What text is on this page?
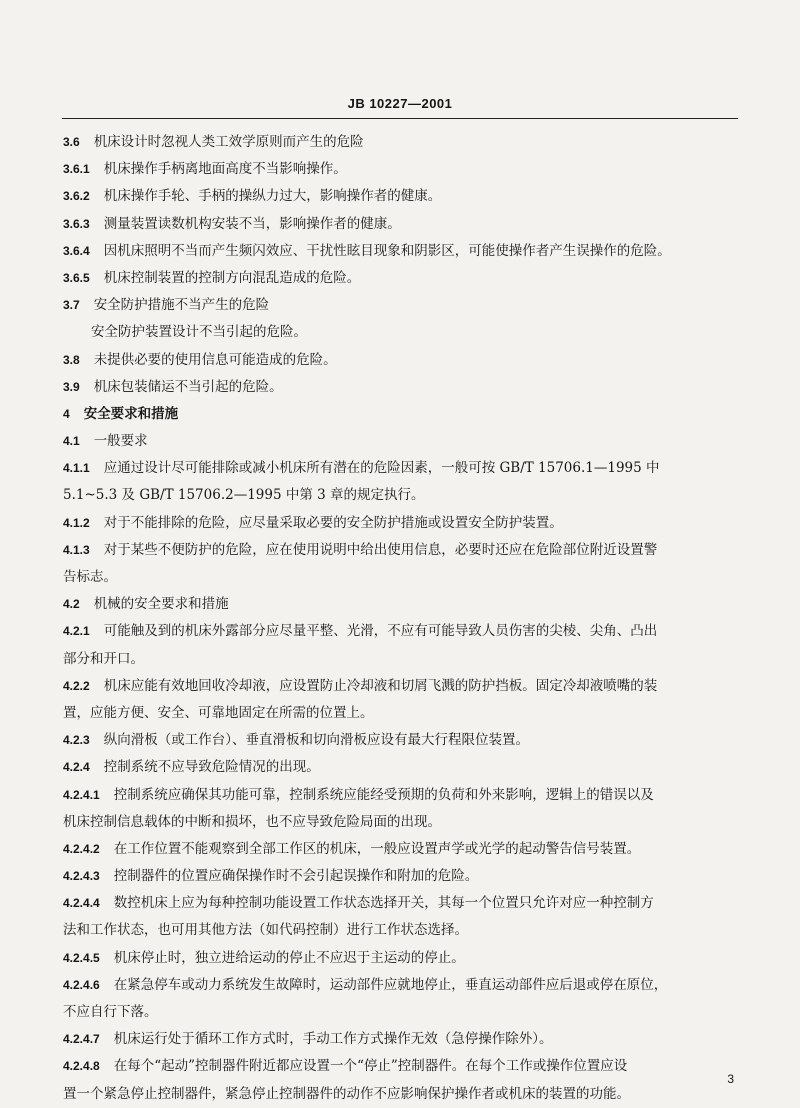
JB 10227—2001
3.6 机床设计时忽视人类工效学原则而产生的危险
3.6.1 机床操作手柄离地面高度不当影响操作。
3.6.2 机床操作手轮、手柄的操纵力过大，影响操作者的健康。
3.6.3 测量装置读数机构安装不当，影响操作者的健康。
3.6.4 因机床照明不当而产生频闪效应、干扰性眩目现象和阴影区，可能使操作者产生误操作的危险。
3.6.5 机床控制装置的控制方向混乱造成的危险。
3.7 安全防护措施不当产生的危险
安全防护装置设计不当引起的危险。
3.8 未提供必要的使用信息可能造成的危险。
3.9 机床包装储运不当引起的危险。
4 安全要求和措施
4.1 一般要求
4.1.1 应通过设计尽可能排除或减小机床所有潜在的危险因素，一般可按 GB/T 15706.1—1995 中
5.1~5.3 及 GB/T 15706.2—1995 中第 3 章的规定执行。
4.1.2 对于不能排除的危险，应尽量采取必要的安全防护措施或设置安全防护装置。
4.1.3 对于某些不便防护的危险，应在使用说明中给出使用信息，必要时还应在危险部位附近设置警
告标志。
4.2 机械的安全要求和措施
4.2.1 可能触及到的机床外露部分应尽量平整、光滑，不应有可能导致人员伤害的尖棱、尖角、凸出
部分和开口。
4.2.2 机床应能有效地回收冷却液，应设置防止冷却液和切屑飞溅的防护挡板。固定冷却液喷嘴的装
置，应能方便、安全、可靠地固定在所需的位置上。
4.2.3 纵向滑板（或工作台）、垂直滑板和切向滑板应设有最大行程限位装置。
4.2.4 控制系统不应导致危险情况的出现。
4.2.4.1 控制系统应确保其功能可靠，控制系统应能经受预期的负荷和外来影响，逻辑上的错误以及
机床控制信息载体的中断和损坏，也不应导致危险局面的出现。
4.2.4.2 在工作位置不能观察到全部工作区的机床，一般应设置声学或光学的起动警告信号装置。
4.2.4.3 控制器件的位置应确保操作时不会引起误操作和附加的危险。
4.2.4.4 数控机床上应为每种控制功能设置工作状态选择开关，其每一个位置只允许对应一种控制方
法和工作状态，也可用其他方法（如代码控制）进行工作状态选择。
4.2.4.5 机床停止时，独立进给运动的停止不应迟于主运动的停止。
4.2.4.6 在紧急停车或动力系统发生故障时，运动部件应就地停止，垂直运动部件应后退或停在原位，
不应自行下落。
4.2.4.7 机床运行处于循环工作方式时，手动工作方式操作无效（急停操作除外）。
4.2.4.8 在每个“起动”控制器件附近都应设置一个“停止”控制器件。在每个工作或操作位置应设
置一个紧急停止控制器件，紧急停止控制器件的动作不应影响保护操作者或机床的装置的功能。
3
